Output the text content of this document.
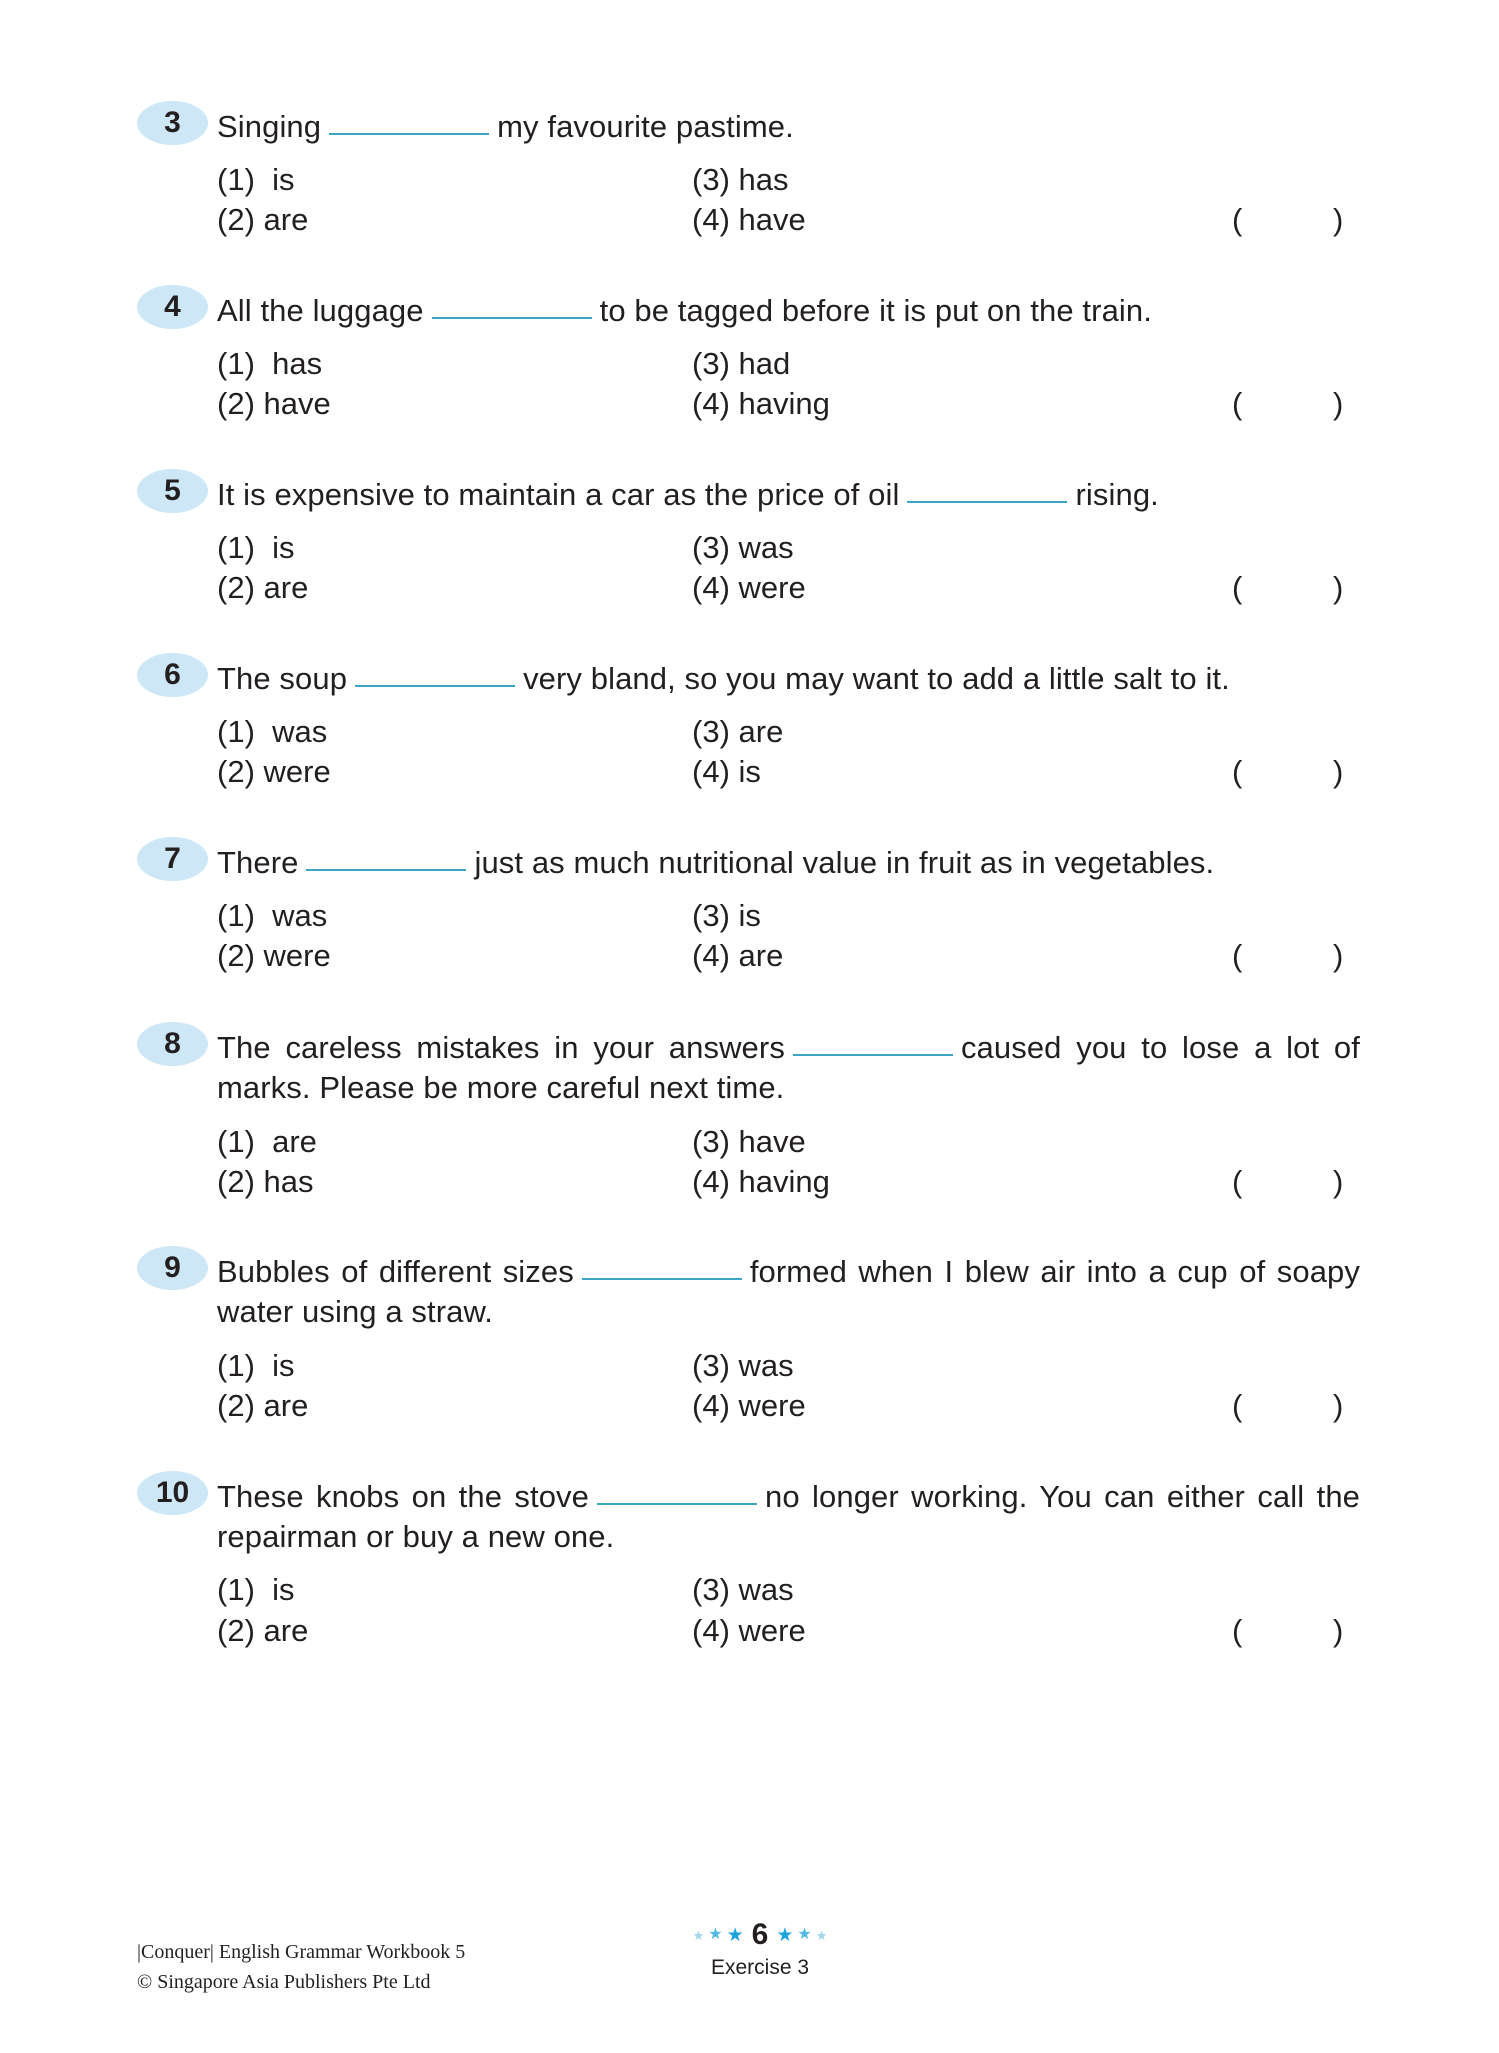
3	Singing	my favourite pastime.
(1)  is
(2) are
(3) has
(4) have	(	)
4	All the luggage	to be tagged before it is put on the train.
(1)  has
(2) have
(3) had
(4) having	(	)
5	It is expensive to maintain a car as the price of oil	rising.
(1)  is
(2) are
(3) was
(4) were	(	)
6	The soup	very bland, so you may want to add a little salt to it.
(1)  was
(2) were
(3) are
(4) is	(	)
7	There	just as much nutritional value in fruit as in vegetables.
(1)  was
(2) were
(3) is
(4) are	(	)
8	The careless mistakes in your answers	caused you to lose a lot of marks. Please be more careful next time.
(1)  are
(2) has
(3) have
(4) having	(	)
9	Bubbles of different sizes	formed when I blew air into a cup of soapy water using a straw.
(1)  is
(2) are
(3) was
(4) were	(	)
10 These knobs on the stove	no longer working. You can either call the repairman or buy a new one.
(1)  is
(2) are
(3) was
(4) were	(	)
|Conquer| English Grammar Workbook 5
© Singapore Asia Publishers Pte Ltd
★ ★ ★ 6 ★ ★ ★
Exercise 3
